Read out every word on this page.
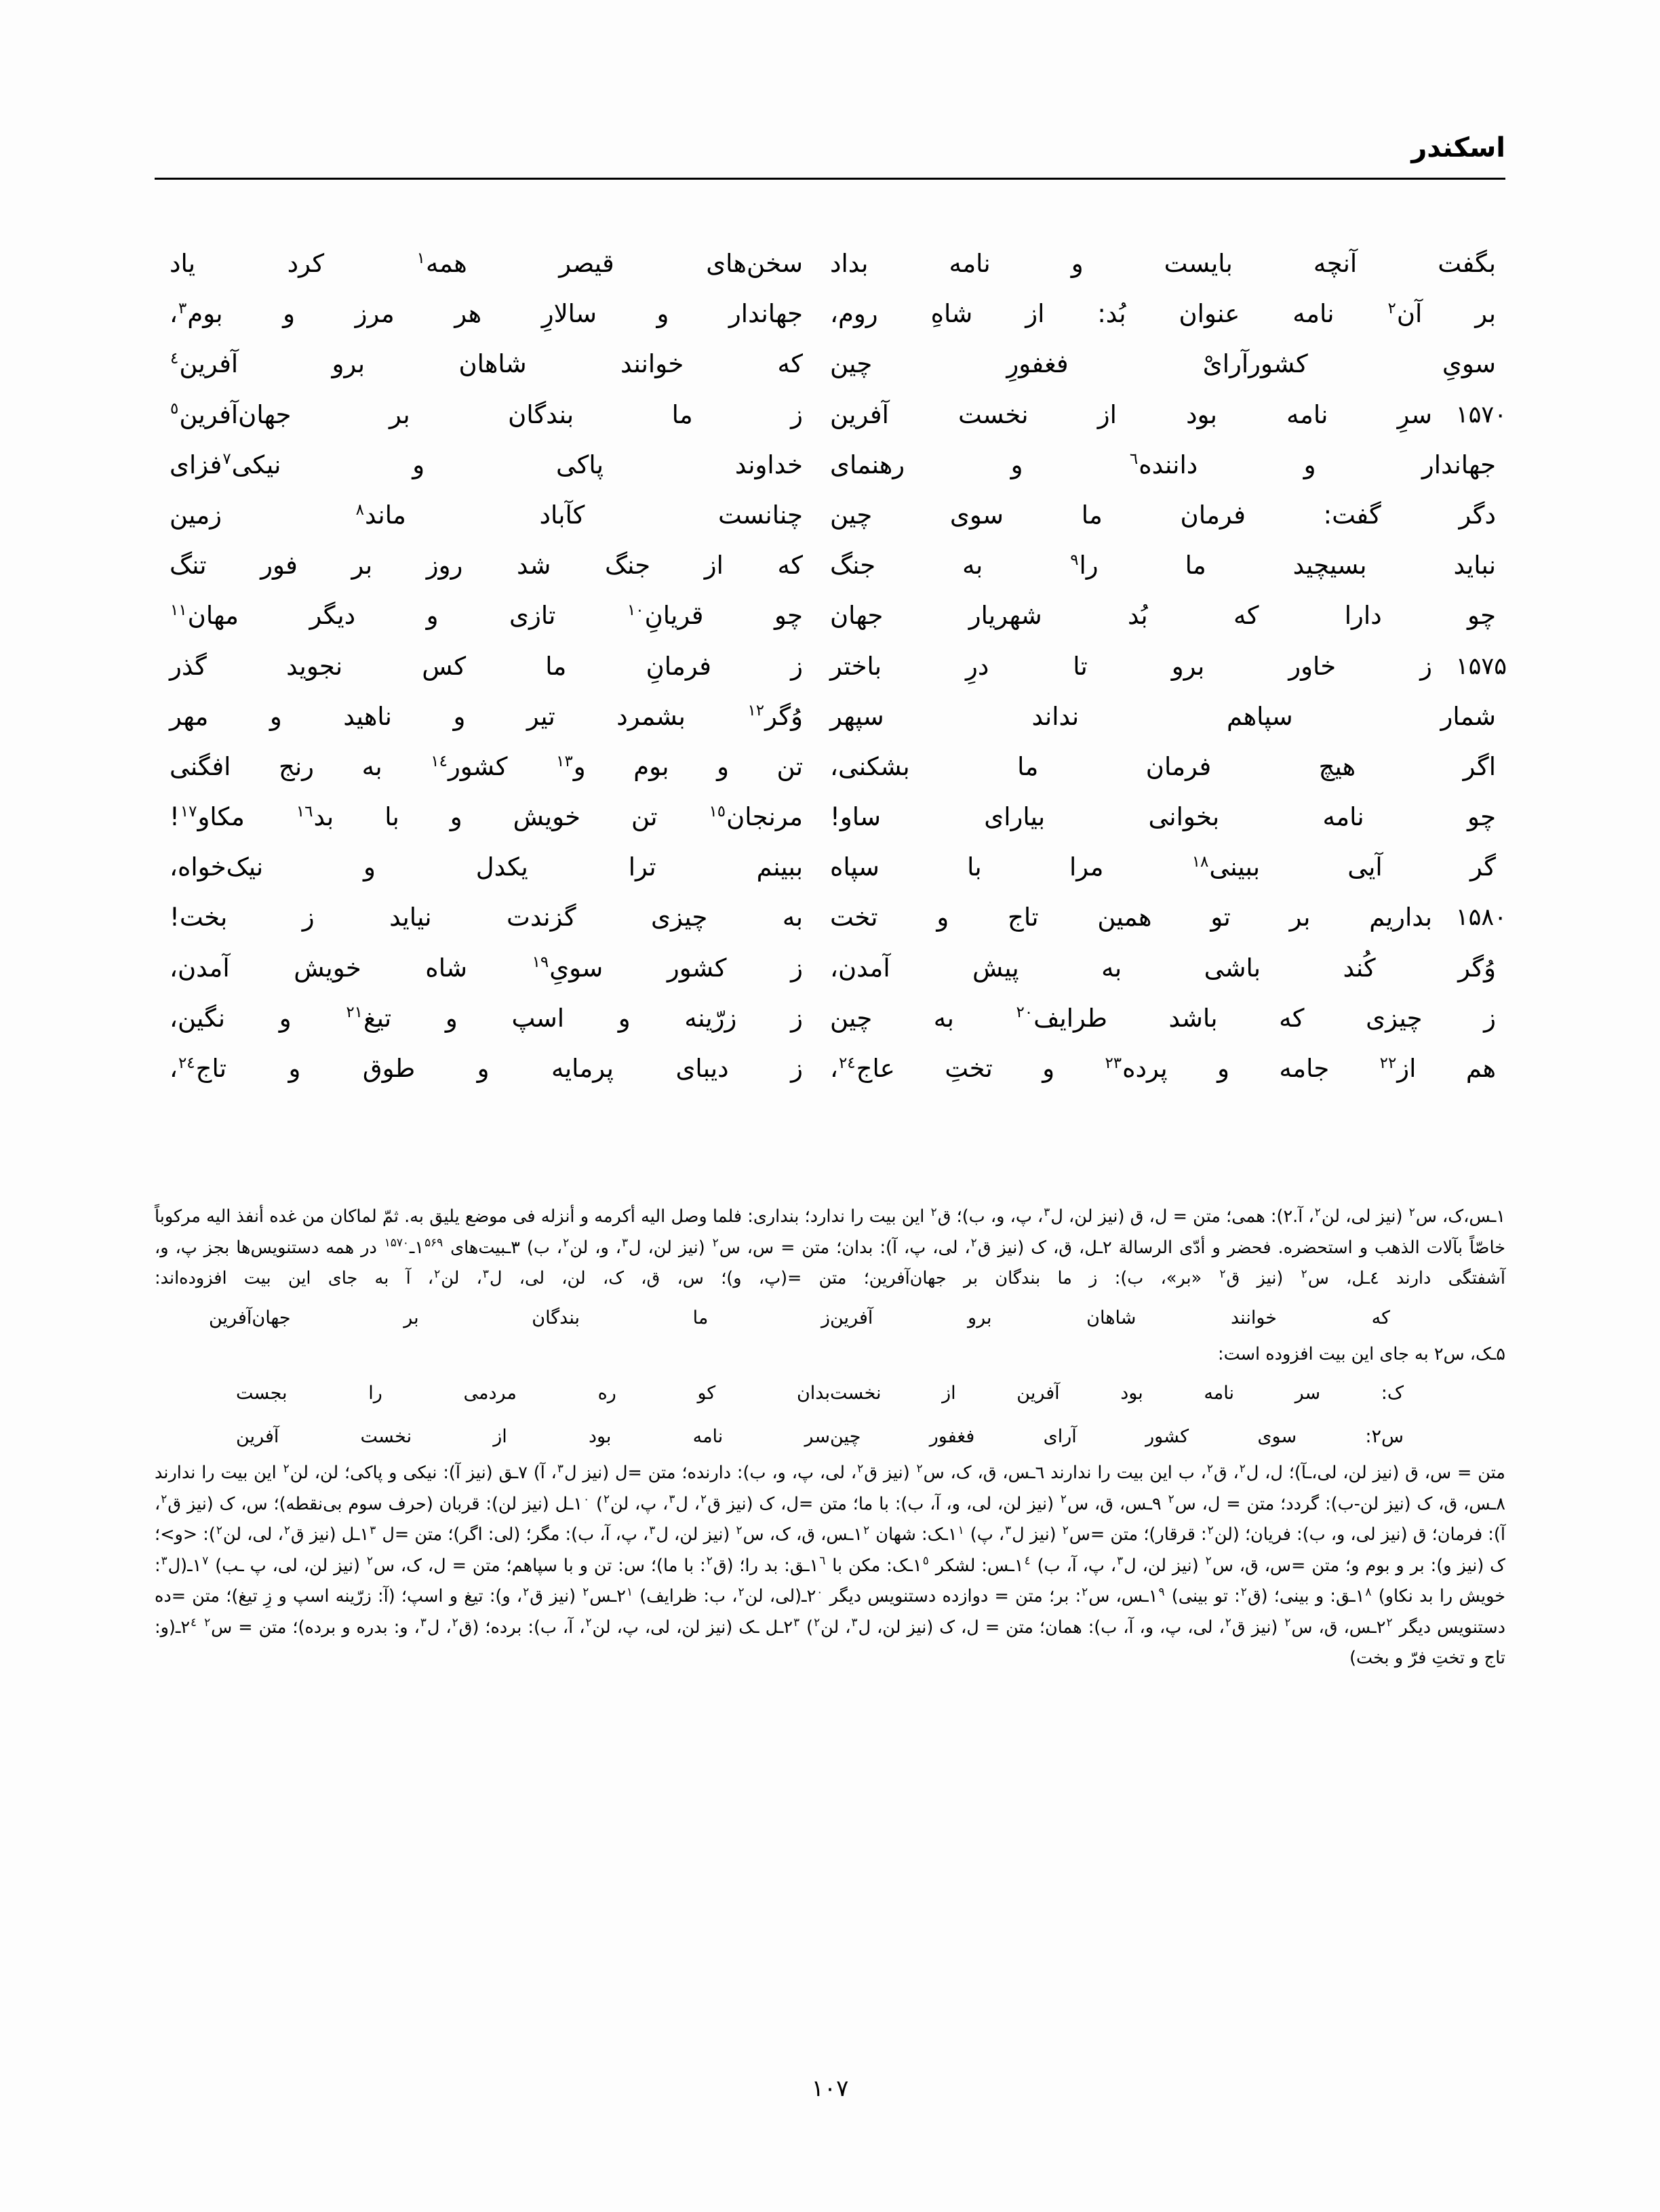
اسکندر
بگفت آنچه بایست و نامه بداد
سخن‌های قیصر همه$^١$ کرد یاد
بر آن$^٢$ نامه عنوان بُد: از شاهِ روم،
جهاندار و سالارِ هر مرز و بوم$^٣$،
سویِ کشورآرایْ فغفورِ چین
که خوانند شاهان برو آفرین$^٤$
۱۵۷۰
سرِ نامه بود از نخست آفرین
ز ما بندگان بر جهان‌آفرین$^٥$
جهاندار و داننده$^٦$ و رهنمای
خداوند پاکی و نیکی$^٧$فزای
دگر گفت: فرمان ما سوی چین
چنانست کآباد ماند$^٨$ زمین
نباید بسیچید ما را$^٩$ به جنگ
که از جنگ شد روز بر فور تنگ
چو دارا که بُد شهریار جهان
چو قریانِ$^{١٠}$ تازی و دیگر مهان$^{١١}$
۱۵۷۵
ز خاور برو تا درِ باختر
ز فرمانِ ما کس نجوید گذر
شمار سپاهم نداند سپهر
وُگر$^{١٢}$ بشمرد تیر و ناهید و مهر
اگر هیچ فرمان ما بشکنی،
تن و بوم و$^{١٣}$ کشور$^{١٤}$ به رنج افگنی
چو نامه بخوانی بیارای ساو!
مرنجان$^{١٥}$ تن خویش و با بد$^{١٦}$ مکاو$^{١٧}$!
گر آیی ببینی$^{١٨}$ مرا با سپاه
ببینم ترا یکدل و نیک‌خواه،
۱۵۸۰
بداریم بر تو همین تاج و تخت
به چیزی گزندت نیاید ز بخت!
وُگر کُند باشی به پیش آمدن،
ز کشور سویِ$^{١٩}$ شاه خویش آمدن،
ز چیزی که باشد طرایف$^{٢٠}$ به چین
ز زرّینه و اسپ و تیغ$^{٢١}$ و نگین،
هم از$^{٢٢}$ جامه و پرده$^{٢٣}$ و تختِ عاج$^{٢٤}$،
ز دیبای پرمایه و طوق و تاج$^{٢٤}$،

۱ـس،ک، س$^٢$ (نیز لی، لن$^٢$، آ.٢): همی؛ متن = ل، ق (نیز لن، ل$^٣$، پ، و، ب)؛ ق$^٢$ این بیت را ندارد؛ بنداری: فلما وصل الیه أکرمه و أنزله فی موضع یلیق به. ثمّ لماکان من غده أنفذ الیه مرکوباً خاصّاً بآلات الذهب و استحضره. فحضر و أدّی الرسالة ٢ـل، ق، ک (نیز ق$^٢$، لی، پ، آ): بدان؛ متن = س، س$^٢$ (نیز لن، ل$^٣$، و، لن$^٢$، ب) ٣ـبیت‌های ۱$^{۵۶۹}$ـ$^{۱۵۷۰}$ در همه دستنویس‌ها بجز پ، و، آشفتگی دارند ٤ـل، س$^٢$ (نیز ق$^٢$ «بر»، ب): ز ما بندگان بر جهان‌آفرین؛ متن =(پ، و)؛ س، ق، ک، لن، لی، ل$^٣$، لن$^٢$، آ به جای این بیت افزوده‌اند:

که خوانند شاهان برو آفرین
ز ما بندگان بر جهان‌آفرین

۵ـک، س٢ به جای این بیت افزوده است:

ک: سر نامه بود آفرین از نخست
بدان کو ره مردمی را بجست
س٢: سوی کشور آرای فغفور چین
سر نامه بود از نخست آفرین

متن = س، ق (نیز لن، لی،ـآ)؛ ل، ل$^٢$، ق$^٢$، ب این بیت را ندارند ٦ـس، ق، ک، س$^٢$ (نیز ق$^٢$، لی، پ، و، ب): دارنده؛ متن =ل (نیز ل$^٣$، آ) ٧ـق (نیز آ): نیکی و پاکی؛ لن، لن$^٢$ این بیت را ندارند ٨ـس، ق، ک (نیز لن-ب): گردد؛ متن = ل، س$^٢$ ٩ـس، ق، س$^٢$ (نیز لن، لی، و، آ، ب): با ما؛ متن =ل، ک (نیز ق$^٢$، ل$^٣$، پ، لن$^٢$) ١$^٠$ـل (نیز لن): قربان (حرف سوم بی‌نقطه)؛ س، ک (نیز ق$^٢$، آ): فرمان؛ ق (نیز لی، و، ب): فریان؛ (لن$^٢$: قرقار)؛ متن =س$^٢$ (نیز ل$^٣$، پ) ١$^١$ـک: شهان ١$^٢$ـس، ق، ک، س$^٢$ (نیز لن، ل$^٣$، پ، آ، ب): مگر؛ (لی: اگر)؛ متن =ل ١$^٣$ـل (نیز ق$^٢$، لی، لن$^٢$): <و>؛ک (نیز و): بر و بوم و؛ متن =س، ق، س$^٢$ (نیز لن، ل$^٣$، پ، آ، ب) ١$^٤$ـس: لشکر ١$^٥$ـک: مکن با ١$^٦$ـق: بد را؛ (ق$^٢$: با ما)؛ س: تن و با سپاهم؛ متن = ل، ک، س$^٢$ (نیز لن، لی، پ ـب) ١$^٧$ـ(ل$^٣$: خویش را بد نکاو) ١$^٨$ـق: و بینی؛ (ق$^٢$: تو بینی) ١$^٩$ـس، س$^٢$: بر؛ متن = دوازده دستنویس دیگر ٢$^٠$ـ(لی، لن$^٢$، ب: ظرایف) ٢$^١$ـس$^٢$ (نیز ق$^٢$، و): تیغ و اسپ؛ (آ: زرّینه اسپ و زِ تیغ)؛ متن =ده دستنویس دیگر ٢$^٢$ـس، ق، س$^٢$ (نیز ق$^٢$، لی، پ، و، آ، ب): همان؛ متن = ل، ک (نیز لن، ل$^٣$، لن$^٢$) ٢$^٣$ـل ـک (نیز لن، لی، پ، لن$^٢$، آ، ب): برده؛ (ق$^٢$، ل$^٣$، و: بدره و برده)؛ متن = س$^٢$ ٢$^٤$ـ(و: تاج و تختِ فرّ و بخت)

۱۰۷
